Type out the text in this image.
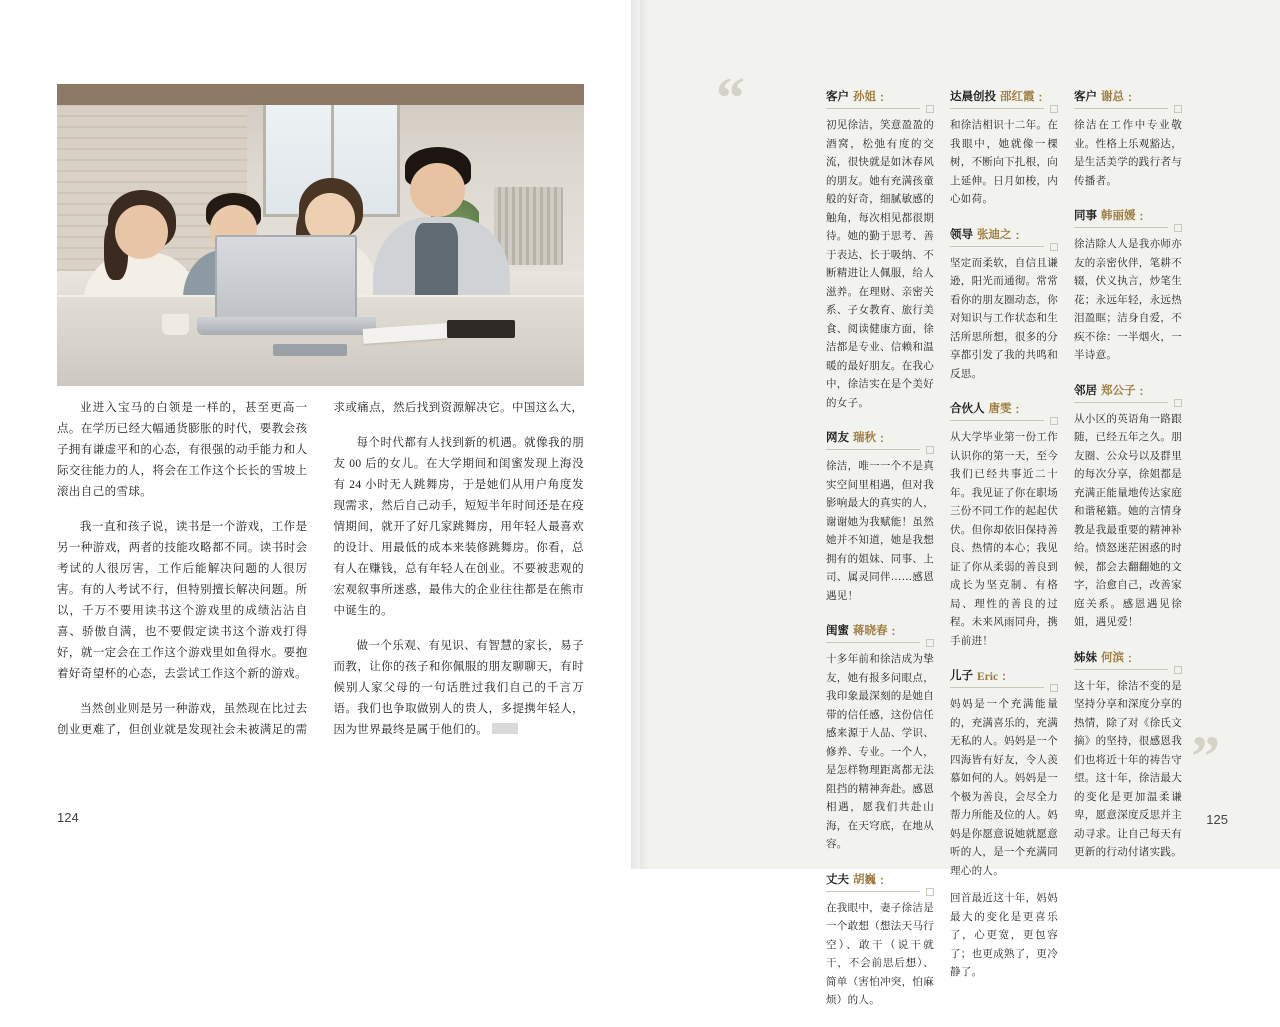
业进入宝马的白领是一样的，甚至更高一点。在学历已经大幅通货膨胀的时代，要教会孩子拥有谦虚平和的心态，有很强的动手能力和人际交往能力的人，将会在工作这个长长的雪坡上滚出自己的雪球。

我一直和孩子说，读书是一个游戏，工作是另一种游戏，两者的技能攻略都不同。读书时会考试的人很厉害，工作后能解决问题的人很厉害。有的人考试不行，但特别擅长解决问题。所以，千万不要用读书这个游戏里的成绩沾沾自喜、骄傲自满，也不要假定读书这个游戏打得好，就一定会在工作这个游戏里如鱼得水。要抱着好奇望杯的心态，去尝试工作这个新的游戏。

当然创业则是另一种游戏，虽然现在比过去创业更难了，但创业就是发现社会未被满足的需求或痛点，然后找到资源解决它。中国这么大，

每个时代都有人找到新的机遇。就像我的朋友 00 后的女儿。在大学期间和闺蜜发现上海没有 24 小时无人跳舞房，于是她们从用户角度发现需求，然后自己动手，短短半年时间还是在疫情期间，就开了好几家跳舞房，用年轻人最喜欢的设计、用最低的成本来装修跳舞房。你看，总有人在赚钱，总有年轻人在创业。不要被悲观的宏观叙事所迷惑，最伟大的企业往往都是在熊市中诞生的。

做一个乐观、有见识、有智慧的家长，易子而教，让你的孩子和你佩服的朋友聊聊天，有时候别人家父母的一句话胜过我们自己的千言万语。我们也争取做别人的贵人，多提携年轻人，因为世界最终是属于他们的。

124
“
”
客户 孙姐 :

初见徐洁，笑意盈盈的酒窝，松弛有度的交流，很快就是如沐春风的朋友。她有充满孩童般的好奇，细腻敏感的触角，每次相见都很期待。她的勤于思考、善于表达、长于吸纳、不断精进让人佩服，给人滋养。在理财、亲密关系、子女教育、旅行美食、阅读健康方面，徐洁都是专业、信赖和温暖的最好朋友。在我心中，徐洁实在是个美好的女子。

网友 瑞秋 :

徐洁，唯一一个不是真实空间里相遇，但对我影响最大的真实的人，谢谢她为我赋能！虽然她并不知道，她是我想拥有的姐妹、同事、上司、属灵同伴……感恩遇见！

闺蜜 蒋晓春 :

十多年前和徐洁成为挚友，她有报多问眼点，我印象最深刻的是她自带的信任感，这份信任感来源于人品、学识、修养、专业。一个人，是怎样物理距离都无法阻挡的精神奔赴。感恩相遇，愿我们共赴山海，在天穹底，在地从容。

丈夫 胡巍 :

在我眼中，妻子徐洁是一个敢想（想法天马行空）、敢干（说干就干，不会前思后想）、简单（害怕冲突，怕麻烦）的人。

达晨创投 邵红霞 :

和徐洁相识十二年。在我眼中，她就像一棵树，不断向下扎根，向上延伸。日月如梭，内心如荷。

领导 张迪之 :

坚定而柔软，自信且谦逊，阳光而通彻。常常看你的朋友圈动态，你对知识与工作状态和生活所思所想，很多的分享都引发了我的共鸣和反思。

合伙人 唐雯 :

从大学毕业第一份工作认识你的第一天，至今我们已经共事近二十年。我见证了你在职场三份不同工作的起起伏伏。但你却依旧保持善良、热情的本心；我见证了你从柔弱的善良到成长为坚克制、有格局、理性的善良的过程。未来风雨同舟，携手前进！

儿子 Eric :

妈妈是一个充满能量的，充满喜乐的，充满无私的人。妈妈是一个四海皆有好友，令人羡慕如何的人。妈妈是一个极为善良，会尽全力帮力所能及位的人。妈妈是你愿意说她就愿意听的人，是一个充满同理心的人。

回首最近这十年，妈妈最大的变化是更喜乐了，心更宽，更包容了；也更成熟了，更冷静了。

客户 谢总 :

徐洁在工作中专业敬业。性格上乐观豁达，是生活美学的践行者与传播者。

同事 韩丽媛 :

徐洁除人人是我亦师亦友的亲密伙伴，笔耕不辍，伏义执言，炒笔生花；永远年轻，永远热泪盈眶；洁身自爱，不疾不徐：一半烟火，一半诗意。

邻居 郑公子 :

从小区的英语角一路跟随，已经五年之久。朋友圈、公众号以及群里的每次分享，徐姐都是充满正能量地传达家庭和谐秘籍。她的言情身教是我最重要的精神补给。愤怒迷茫困惑的时候，都会去翻翻她的文字，洽愈自己，改善家庭关系。感恩遇见徐姐，遇见爱！

姊妹 何滨 :

这十年，徐洁不变的是坚持分享和深度分享的热情，除了对《徐氏文摘》的坚持，很感恩我们也将近十年的祷告守望。这十年，徐洁最大的变化是更加温柔谦卑，愿意深度反思并主动寻求。让自己每天有更新的行动付诸实践。

125
